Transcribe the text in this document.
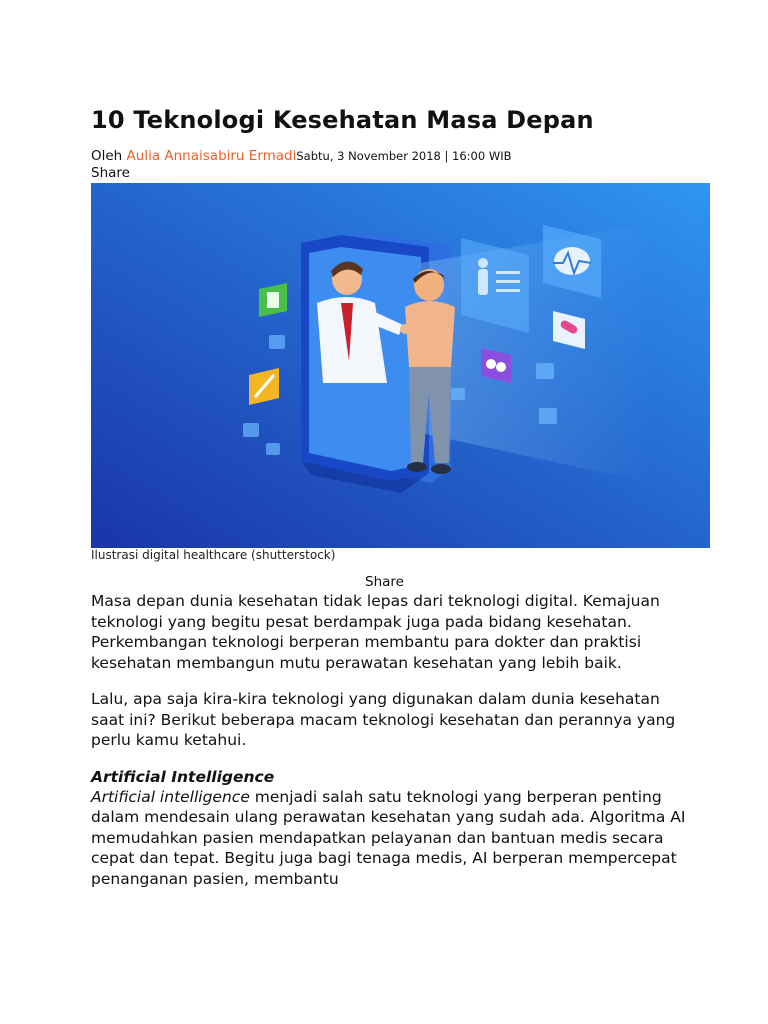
10 Teknologi Kesehatan Masa Depan
Oleh Aulia Annaisabiru ErmadiSabtu, 3 November 2018 | 16:00 WIB
Share
Ilustrasi digital healthcare (shutterstock)
Share

Masa depan dunia kesehatan tidak lepas dari teknologi digital. Kemajuan teknologi yang begitu pesat berdampak juga pada bidang kesehatan. Perkembangan teknologi berperan membantu para dokter dan praktisi kesehatan membangun mutu perawatan kesehatan yang lebih baik.

Lalu, apa saja kira-kira teknologi yang digunakan dalam dunia kesehatan saat ini? Berikut beberapa macam teknologi kesehatan dan perannya yang perlu kamu ketahui.

Artificial Intelligence

Artificial intelligence menjadi salah satu teknologi yang berperan penting dalam mendesain ulang perawatan kesehatan yang sudah ada. Algoritma AI memudahkan pasien mendapatkan pelayanan dan bantuan medis secara cepat dan tepat. Begitu juga bagi tenaga medis, AI berperan mempercepat penanganan pasien, membantu
